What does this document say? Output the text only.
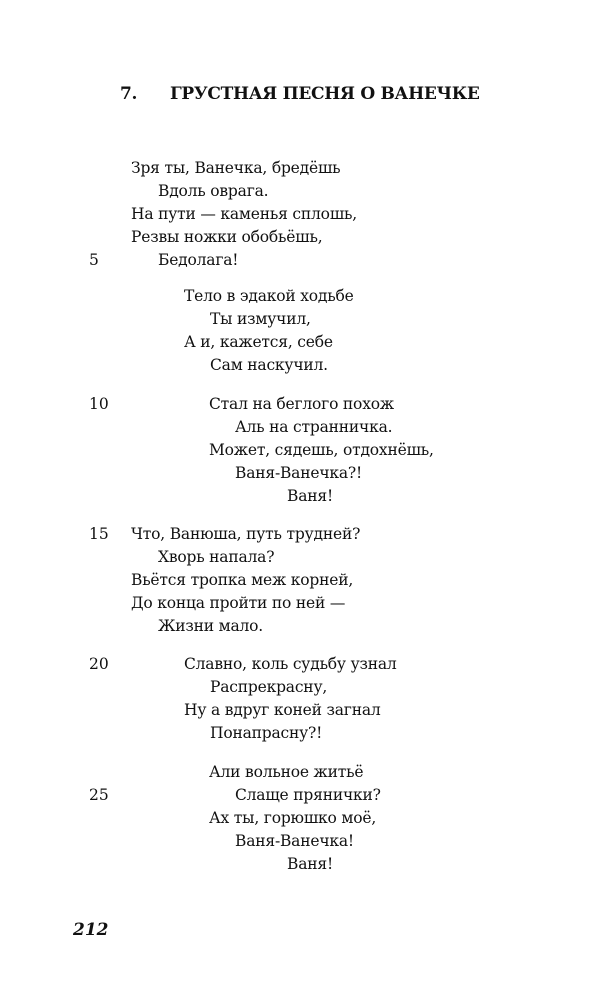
7. ГРУСТНАЯ ПЕСНЯ О ВАНЕЧКЕ
Зря ты, Ванечка, бредёшь
Вдоль оврага.
На пути — каменья сплошь,
Резвы ножки обобьёшь,
Бедолага!
5
Тело в эдакой ходьбе
Ты измучил,
А и, кажется, себе
Сам наскучил.
10	Стал на беглого похож
Аль на странничка.
Может, сядешь, отдохнёшь,
Ваня-Ванечка?!
Ваня!
15 Что, Ванюша, путь трудней?
Хворь напала?
Вьётся тропка меж корней,
До конца пройти по ней —
Жизни мало.
20	Славно, коль судьбу узнал
Распрекрасну,
Ну а вдруг коней загнал
Понапрасну?!
Али вольное житьё
25	Слаще прянички?
Ах ты, горюшко моё,
Ваня-Ванечка!
Ваня!
212
